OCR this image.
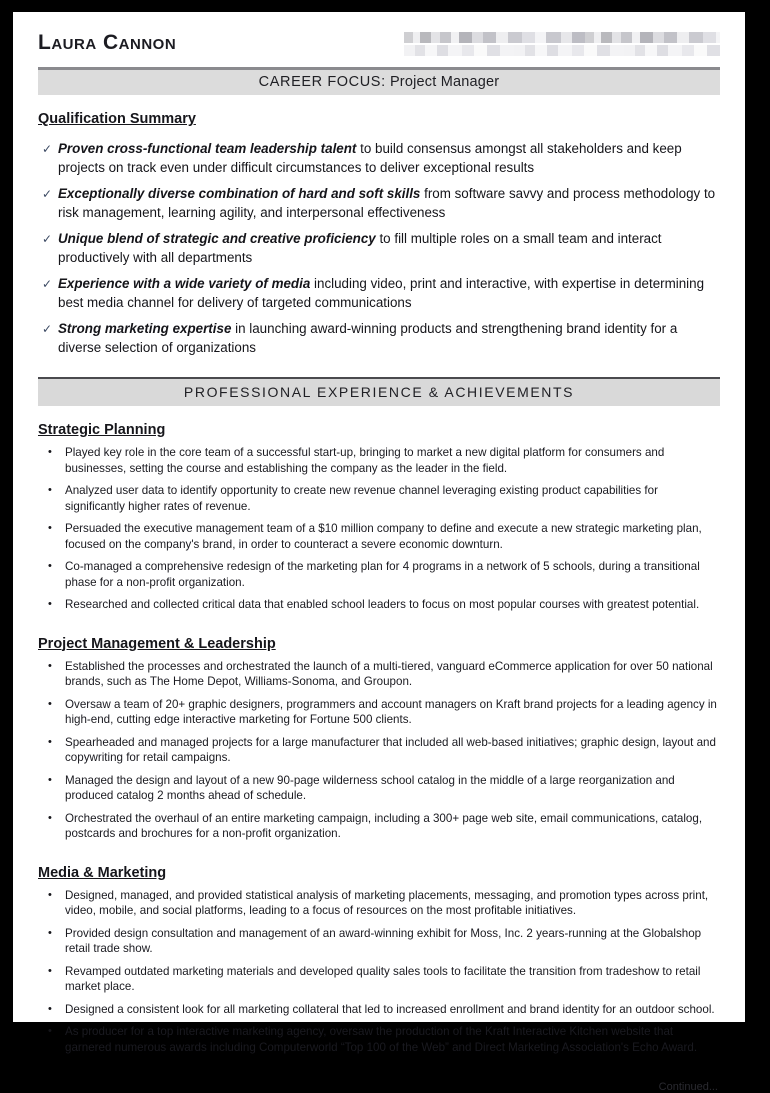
Laura Cannon
CAREER FOCUS: Project Manager
Qualification Summary
✓ Proven cross-functional team leadership talent to build consensus amongst all stakeholders and keep projects on track even under difficult circumstances to deliver exceptional results
✓ Exceptionally diverse combination of hard and soft skills from software savvy and process methodology to risk management, learning agility, and interpersonal effectiveness
✓ Unique blend of strategic and creative proficiency to fill multiple roles on a small team and interact productively with all departments
✓ Experience with a wide variety of media including video, print and interactive, with expertise in determining best media channel for delivery of targeted communications
✓ Strong marketing expertise in launching award-winning products and strengthening brand identity for a diverse selection of organizations
PROFESSIONAL EXPERIENCE & ACHIEVEMENTS
Strategic Planning
•	Played key role in the core team of a successful start-up, bringing to market a new digital platform for consumers and businesses, setting the course and establishing the company as the leader in the field.
•	Analyzed user data to identify opportunity to create new revenue channel leveraging existing product capabilities for significantly higher rates of revenue.
•	Persuaded the executive management team of a $10 million company to define and execute a new strategic marketing plan, focused on the company's brand, in order to counteract a severe economic downturn.
•	Co-managed a comprehensive redesign of the marketing plan for 4 programs in a network of 5 schools, during a transitional phase for a non-profit organization.
•	Researched and collected critical data that enabled school leaders to focus on most popular courses with greatest potential.
Project Management & Leadership
•	Established the processes and orchestrated the launch of a multi-tiered, vanguard eCommerce application for over 50 national brands, such as The Home Depot, Williams-Sonoma, and Groupon.
•	Oversaw a team of 20+ graphic designers, programmers and account managers on Kraft brand projects for a leading agency in high-end, cutting edge interactive marketing for Fortune 500 clients.
•	Spearheaded and managed projects for a large manufacturer that included all web-based initiatives; graphic design, layout and copywriting for retail campaigns.
•	Managed the design and layout of a new 90-page wilderness school catalog in the middle of a large reorganization and produced catalog 2 months ahead of schedule.
•	Orchestrated the overhaul of an entire marketing campaign, including a 300+ page web site, email communications, catalog, postcards and brochures for a non-profit organization.
Media & Marketing
•	Designed, managed, and provided statistical analysis of marketing placements, messaging, and promotion types across print, video, mobile, and social platforms, leading to a focus of resources on the most profitable initiatives.
•	Provided design consultation and management of an award-winning exhibit for Moss, Inc. 2 years-running at the Globalshop retail trade show.
•	Revamped outdated marketing materials and developed quality sales tools to facilitate the transition from tradeshow to retail market place.
•	Designed a consistent look for all marketing collateral that led to increased enrollment and brand identity for an outdoor school.
•	As producer for a top interactive marketing agency, oversaw the production of the Kraft Interactive Kitchen website that garnered numerous awards including Computerworld “Top 100 of the Web” and Direct Marketing Association's Echo Award.
Continued...
